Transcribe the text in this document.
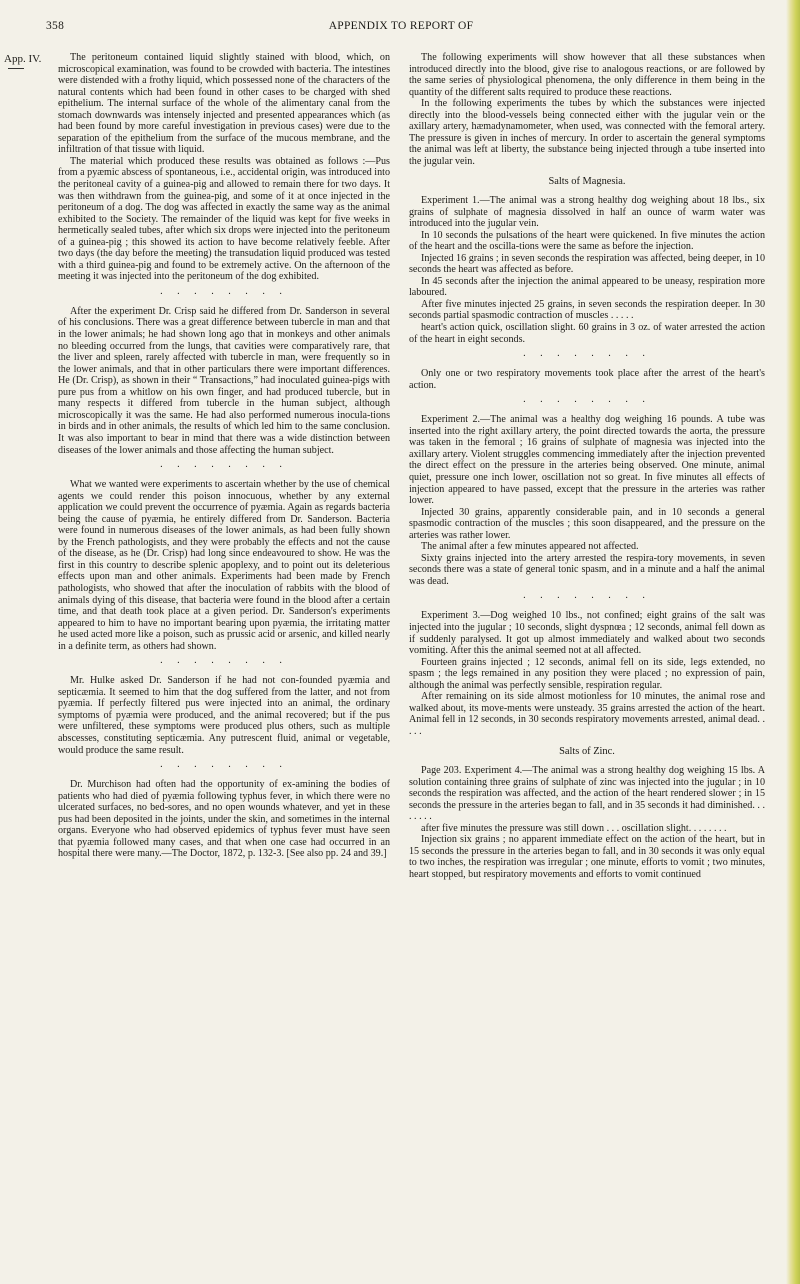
358	APPENDIX TO REPORT OF
App. IV.	The peritoneum contained liquid slightly stained with blood, which, on microscopical examination, was found to be crowded with bacteria. The intestines were distended with a frothy liquid, which possessed none of the characters of the natural contents which had been found in other cases to be charged with shed epithelium. The internal surface of the whole of the alimentary canal from the stomach downwards was intensely injected and presented appearances which (as had been found by more careful investigation in previous cases) were due to the separation of the epithelium from the surface of the mucous membrane, and the infiltration of that tissue with liquid.

The material which produced these results was obtained as follows :—Pus from a pyæmic abscess of spontaneous, i.e., accidental origin, was introduced into the peritoneal cavity of a guinea-pig and allowed to remain there for two days. It was then withdrawn from the guinea-pig, and some of it at once injected in the peritoneum of a dog. The dog was affected in exactly the same way as the animal exhibited to the Society. The remainder of the liquid was kept for five weeks in hermetically sealed tubes, after which six drops were injected into the peritoneum of a guinea-pig ; this showed its action to have become relatively feeble. After two days (the day before the meeting) the transudation liquid produced was tested with a third guinea-pig and found to be extremely active. On the afternoon of the meeting it was injected into the peritoneum of the dog exhibited.

. . . . . . . .

After the experiment Dr. Crisp said he differed from Dr. Sanderson in several of his conclusions. There was a great difference between tubercle in man and that in the lower animals; he had shown long ago that in monkeys and other animals no bleeding occurred from the lungs, that cavities were comparatively rare, that the liver and spleen, rarely affected with tubercle in man, were frequently so in the lower animals, and that in other particulars there were important differences. He (Dr. Crisp), as shown in their “ Transactions,” had inoculated guinea-pigs with pure pus from a whitlow on his own finger, and had produced tubercle, but in many respects it differed from tubercle in the human subject, although microscopically it was the same. He had also performed numerous inocula-tions in birds and in other animals, the results of which led him to the same conclusion. It was also important to bear in mind that there was a wide distinction between diseases of the lower animals and those affecting the human subject.

. . . . . . . .

What we wanted were experiments to ascertain whether by the use of chemical agents we could render this poison innocuous, whether by any external application we could prevent the occurrence of pyæmia. Again as regards bacteria being the cause of pyæmia, he entirely differed from Dr. Sanderson. Bacteria were found in numerous diseases of the lower animals, as had been fully shown by the French pathologists, and they were probably the effects and not the cause of the disease, as he (Dr. Crisp) had long since endeavoured to show. He was the first in this country to describe splenic apoplexy, and to point out its deleterious effects upon man and other animals. Experiments had been made by French pathologists, who showed that after the inoculation of rabbits with the blood of animals dying of this disease, that bacteria were found in the blood after a certain time, and that death took place at a given period. Dr. Sanderson's experiments appeared to him to have no important bearing upon pyæmia, the irritating matter he used acted more like a poison, such as prussic acid or arsenic, and killed nearly in a definite term, as others had shown.

. . . . . . . .

Mr. Hulke asked Dr. Sanderson if he had not con-founded pyæmia and septicæmia. It seemed to him that the dog suffered from the latter, and not from pyæmia. If perfectly filtered pus were injected into an animal, the ordinary symptoms of pyæmia were produced, and the animal recovered; but if the pus were unfiltered, these symptoms were produced plus others, such as multiple abscesses, constituting septicæmia. Any putrescent fluid, animal or vegetable, would produce the same result.

. . . . . . . .

Dr. Murchison had often had the opportunity of ex-amining the bodies of patients who had died of pyæmia following typhus fever, in which there were no ulcerated surfaces, no bed-sores, and no open wounds whatever, and yet in these pus had been deposited in the joints, under the skin, and sometimes in the internal organs. Everyone who had observed epidemics of typhus fever must have seen that pyæmia followed many cases, and that when one case had occurred in an hospital there were many.—The Doctor, 1872, p. 132-3. [See also pp. 24 and 39.]

The following experiments will show however that all these substances when introduced directly into the blood, give rise to analogous reactions, or are followed by the same series of physiological phenomena, the only difference in them being in the quantity of the different salts required to produce these reactions.

In the following experiments the tubes by which the substances were injected directly into the blood-vessels being connected either with the jugular vein or the axillary artery, hæmadynamometer, when used, was connected with the femoral artery. The pressure is given in inches of mercury. In order to ascertain the general symptoms the animal was left at liberty, the substance being injected through a tube inserted into the jugular vein.

Salts of Magnesia.

Experiment 1.—The animal was a strong healthy dog weighing about 18 lbs., six grains of sulphate of magnesia dissolved in half an ounce of warm water was introduced into the jugular vein.

In 10 seconds the pulsations of the heart were quickened. In five minutes the action of the heart and the oscilla-tions were the same as before the injection.

Injected 16 grains ; in seven seconds the respiration was affected, being deeper, in 10 seconds the heart was affected as before.

In 45 seconds after the injection the animal appeared to be uneasy, respiration more laboured.

After five minutes injected 25 grains, in seven seconds the respiration deeper. In 30 seconds partial spasmodic contraction of muscles . . . . .

heart's action quick, oscillation slight. 60 grains in 3 oz. of water arrested the action of the heart in eight seconds.

. . . . . . . .

Only one or two respiratory movements took place after the arrest of the heart's action.

. . . . . . . .

Experiment 2.—The animal was a healthy dog weighing 16 pounds. A tube was inserted into the right axillary artery, the point directed towards the aorta, the pressure was taken in the femoral ; 16 grains of sulphate of magnesia was injected into the axillary artery. Violent struggles commencing immediately after the injection prevented the direct effect on the pressure in the arteries being observed. One minute, animal quiet, pressure one inch lower, oscillation not so great. In five minutes all effects of injection appeared to have passed, except that the pressure in the arteries was rather lower.

Injected 30 grains, apparently considerable pain, and in 10 seconds a general spasmodic contraction of the muscles ; this soon disappeared, and the pressure on the arteries was rather lower.

The animal after a few minutes appeared not affected.

Sixty grains injected into the artery arrested the respira-tory movements, in seven seconds there was a state of general tonic spasm, and in a minute and a half the animal was dead.

. . . . . . . .

Experiment 3.—Dog weighed 10 lbs., not confined; eight grains of the salt was injected into the jugular ; 10 seconds, slight dyspnœa ; 12 seconds, animal fell down as if suddenly paralysed. It got up almost immediately and walked about two seconds vomiting. After this the animal seemed not at all affected.

Fourteen grains injected ; 12 seconds, animal fell on its side, legs extended, no spasm ; the legs remained in any position they were placed ; no expression of pain, although the animal was perfectly sensible, respiration regular.

After remaining on its side almost motionless for 10 minutes, the animal rose and walked about, its move-ments were unsteady. 35 grains arrested the action of the heart. Animal fell in 12 seconds, in 30 seconds respiratory movements arrested, animal dead. . . . .

Salts of Zinc.

Page 203. Experiment 4.—The animal was a strong healthy dog weighing 15 lbs. A solution containing three grains of sulphate of zinc was injected into the jugular ; in 10 seconds the respiration was affected, and the action of the heart rendered slower ; in 15 seconds the pressure in the arteries began to fall, and in 35 seconds it had diminished. . . . . . . .

after five minutes the pressure was still down . . . oscillation slight. . . . . . . .

Injection six grains ; no apparent immediate effect on the action of the heart, but in 15 seconds the pressure in the arteries began to fall, and in 30 seconds it was only equal to two inches, the respiration was irregular ; one minute, efforts to vomit ; two minutes, heart stopped, but respiratory movements and efforts to vomit continued
